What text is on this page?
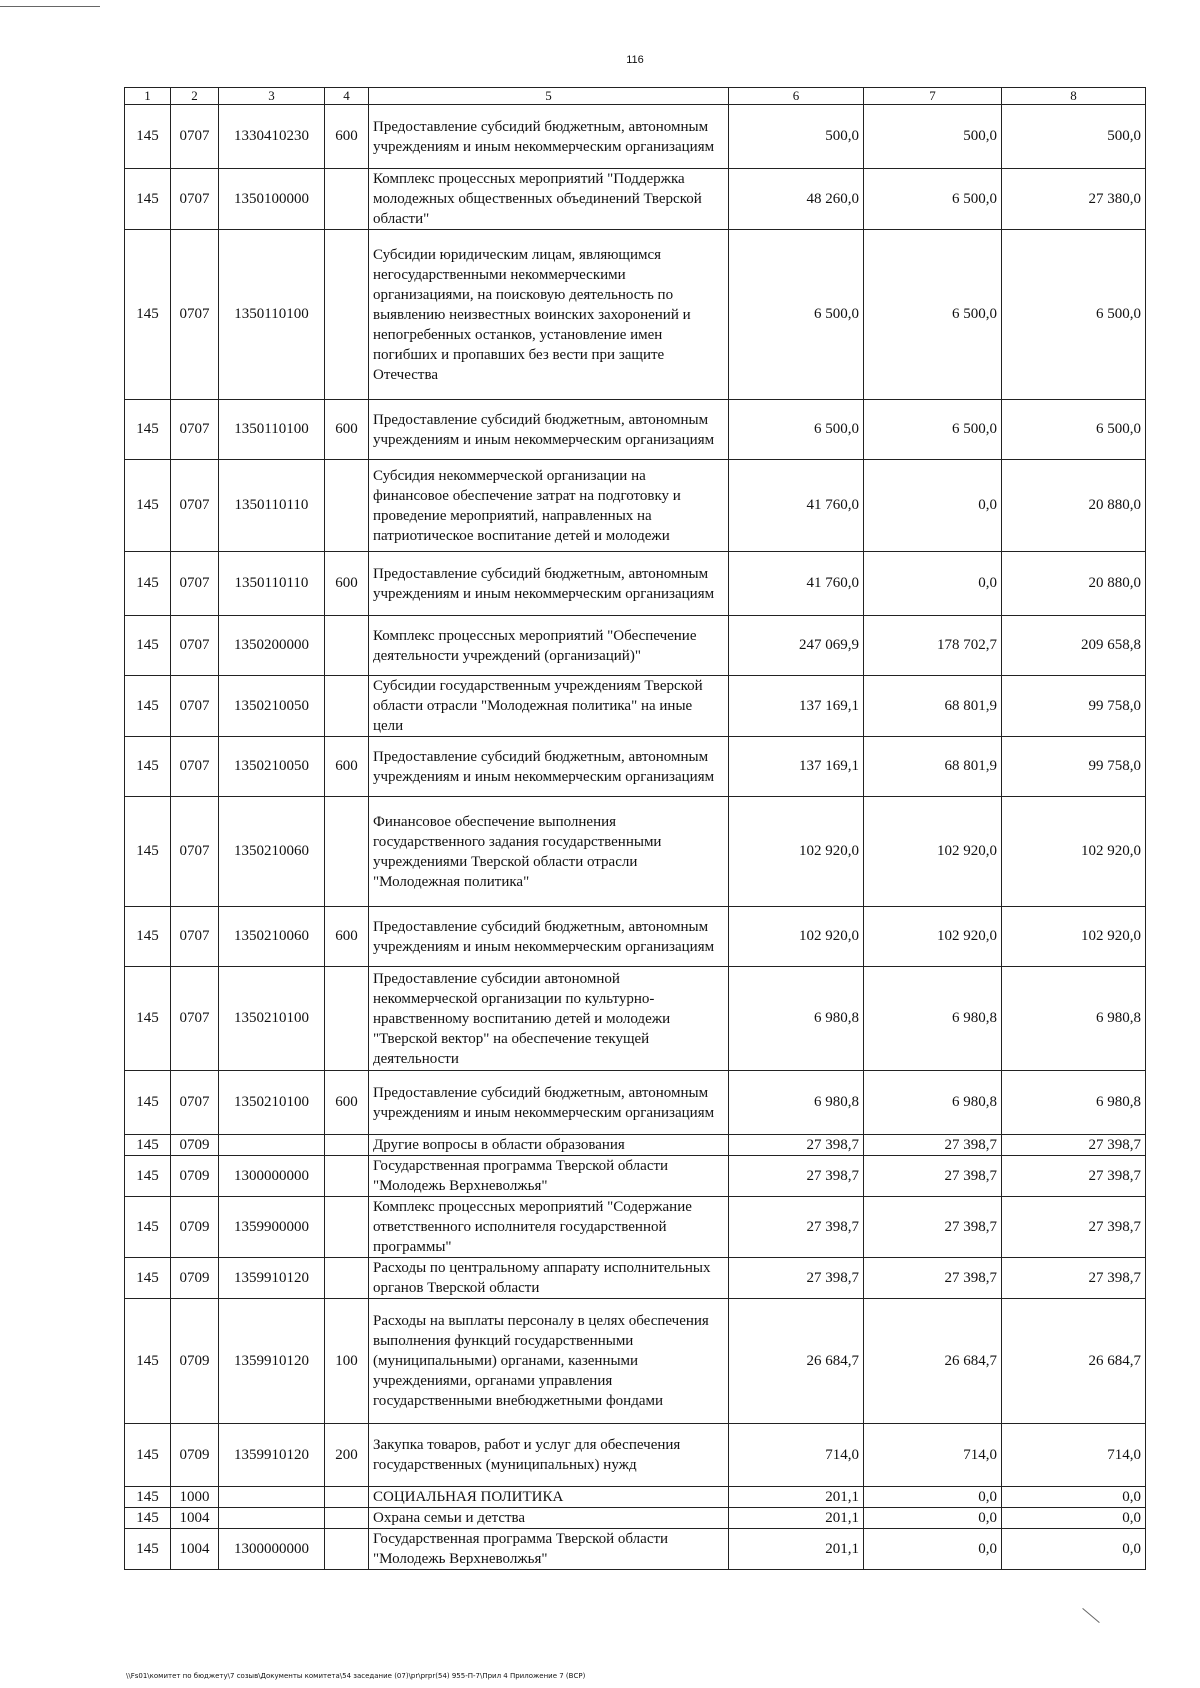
116
1	2	3	4	5	6	7	8
145	0707	1330410230	600	Предоставление субсидий бюджетным, автономным учреждениям и иным некоммерческим организациям	500,0	500,0	500,0
145	0707	1350100000		Комплекс процессных мероприятий "Поддержка молодежных общественных объединений Тверской области"	48 260,0	6 500,0	27 380,0
145	0707	1350110100		Субсидии юридическим лицам, являющимся негосударственными некоммерческими организациями, на поисковую деятельность по выявлению неизвестных воинских захоронений и непогребенных останков, установление имен погибших и пропавших без вести при защите Отечества	6 500,0	6 500,0	6 500,0
145	0707	1350110100	600	Предоставление субсидий бюджетным, автономным учреждениям и иным некоммерческим организациям	6 500,0	6 500,0	6 500,0
145	0707	1350110110		Субсидия некоммерческой организации на финансовое обеспечение затрат на подготовку и проведение мероприятий, направленных на патриотическое воспитание детей и молодежи	41 760,0	0,0	20 880,0
145	0707	1350110110	600	Предоставление субсидий бюджетным, автономным учреждениям и иным некоммерческим организациям	41 760,0	0,0	20 880,0
145	0707	1350200000		Комплекс процессных мероприятий "Обеспечение деятельности учреждений (организаций)"	247 069,9	178 702,7	209 658,8
145	0707	1350210050		Субсидии государственным учреждениям Тверской области отрасли "Молодежная политика" на иные цели	137 169,1	68 801,9	99 758,0
145	0707	1350210050	600	Предоставление субсидий бюджетным, автономным учреждениям и иным некоммерческим организациям	137 169,1	68 801,9	99 758,0
145	0707	1350210060		Финансовое обеспечение выполнения государственного задания государственными учреждениями Тверской области отрасли "Молодежная политика"	102 920,0	102 920,0	102 920,0
145	0707	1350210060	600	Предоставление субсидий бюджетным, автономным учреждениям и иным некоммерческим организациям	102 920,0	102 920,0	102 920,0
145	0707	1350210100		Предоставление субсидии автономной некоммерческой организации по культурно-нравственному воспитанию детей и молодежи "Тверской вектор" на обеспечение текущей деятельности	6 980,8	6 980,8	6 980,8
145	0707	1350210100	600	Предоставление субсидий бюджетным, автономным учреждениям и иным некоммерческим организациям	6 980,8	6 980,8	6 980,8
145	0709			Другие вопросы в области образования	27 398,7	27 398,7	27 398,7
145	0709	1300000000		Государственная программа Тверской области "Молодежь Верхневолжья"	27 398,7	27 398,7	27 398,7
145	0709	1359900000		Комплекс процессных мероприятий "Содержание ответственного исполнителя государственной программы"	27 398,7	27 398,7	27 398,7
145	0709	1359910120		Расходы по центральному аппарату исполнительных органов Тверской области	27 398,7	27 398,7	27 398,7
145	0709	1359910120	100	Расходы на выплаты персоналу в целях обеспечения выполнения функций государственными (муниципальными) органами, казенными учреждениями, органами управления государственными внебюджетными фондами	26 684,7	26 684,7	26 684,7
145	0709	1359910120	200	Закупка товаров, работ и услуг для обеспечения государственных (муниципальных) нужд	714,0	714,0	714,0
145	1000			СОЦИАЛЬНАЯ ПОЛИТИКА	201,1	0,0	0,0
145	1004			Охрана семьи и детства	201,1	0,0	0,0
145	1004	1300000000		Государственная программа Тверской области "Молодежь Верхневолжья"	201,1	0,0	0,0
\\Fs01\комитет по бюджету\7 созыв\Документы комитета\54 заседание (07)\pr\prpr(54) 955-П-7\Прил 4 Приложение 7 (ВСР)
